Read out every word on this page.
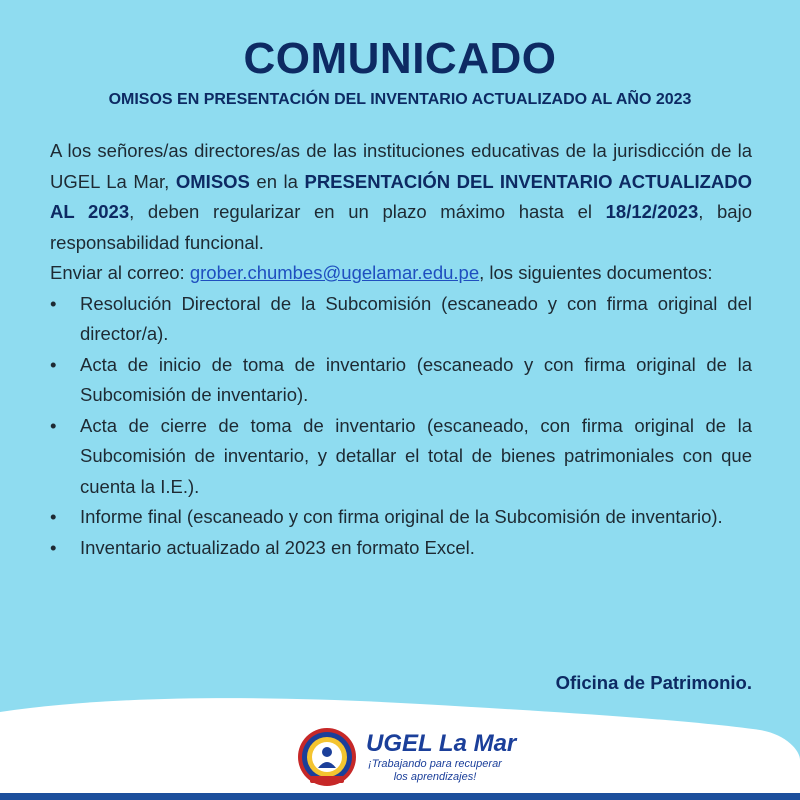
COMUNICADO
OMISOS EN PRESENTACIÓN DEL INVENTARIO ACTUALIZADO AL AÑO 2023

A los señores/as directores/as de las instituciones educativas de la jurisdicción de la UGEL La Mar, OMISOS en la PRESENTACIÓN DEL INVENTARIO ACTUALIZADO AL 2023, deben regularizar en un plazo máximo hasta el 18/12/2023, bajo responsabilidad funcional.

Enviar al correo: grober.chumbes@ugelamar.edu.pe, los siguientes documentos:

• Resolución Directoral de la Subcomisión (escaneado y con firma original del director/a).
• Acta de inicio de toma de inventario (escaneado y con firma original de la Subcomisión de inventario).
• Acta de cierre de toma de inventario (escaneado, con firma original de la Subcomisión de inventario, y detallar el total de bienes patrimoniales con que cuenta la I.E.).
• Informe final (escaneado y con firma original de la Subcomisión de inventario).
• Inventario actualizado al 2023 en formato Excel.
Oficina de Patrimonio.
UGEL La Mar
¡Trabajando para recuperar
los aprendizajes!
